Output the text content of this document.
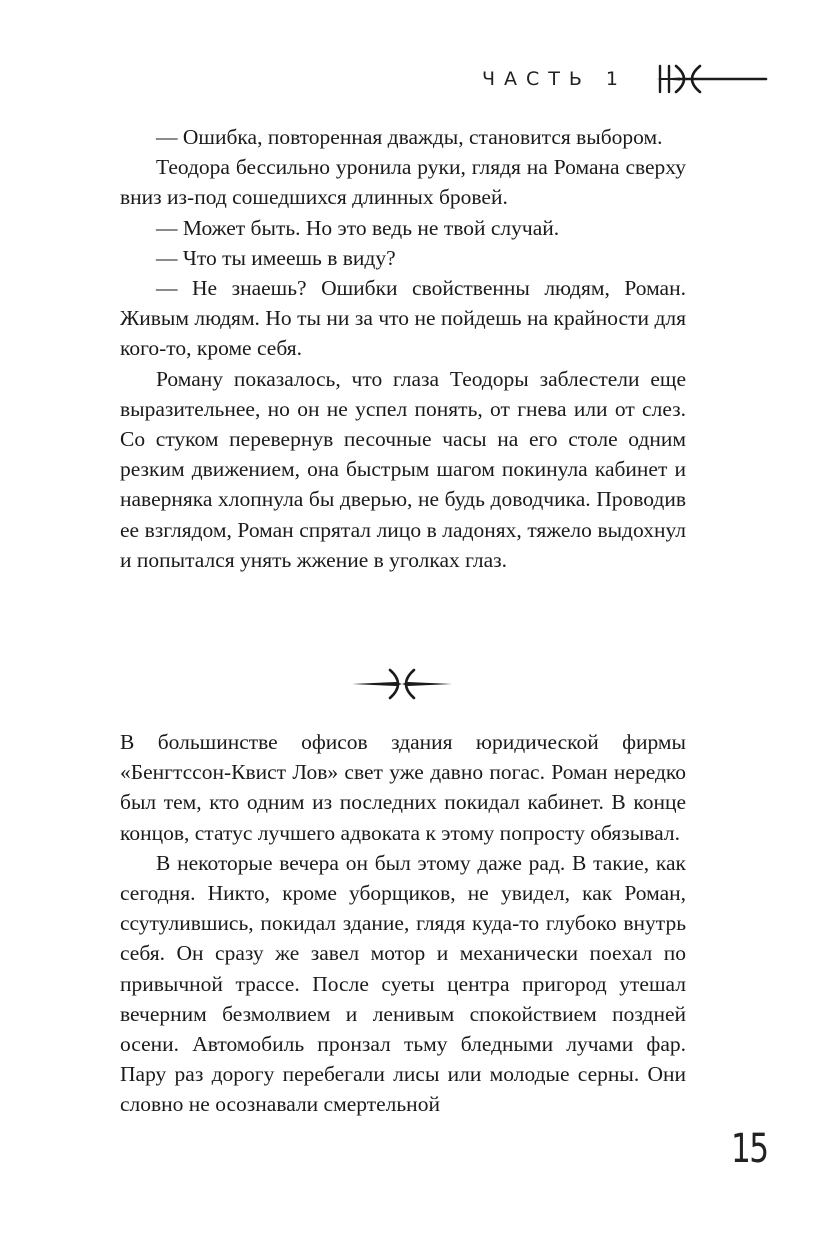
ЧАСТЬ 1

— Ошибка, повторенная дважды, становится выбором.

Теодора бессильно уронила руки, глядя на Романа сверху вниз из-под сошедшихся длинных бровей.

— Может быть. Но это ведь не твой случай.

— Что ты имеешь в виду?

— Не знаешь? Ошибки свойственны людям, Роман. Живым людям. Но ты ни за что не пойдешь на крайности для кого-то, кроме себя.

Роману показалось, что глаза Теодоры заблестели еще выразительнее, но он не успел понять, от гнева или от слез. Со стуком перевернув песочные часы на его столе одним резким движением, она быстрым шагом покинула кабинет и наверняка хлопнула бы дверью, не будь доводчика. Проводив ее взглядом, Роман спрятал лицо в ладонях, тяжело выдохнул и попытался унять жжение в уголках глаз.

В большинстве офисов здания юридической фирмы «Бенгтссон-Квист Лов» свет уже давно погас. Роман нередко был тем, кто одним из последних покидал кабинет. В конце концов, статус лучшего адвоката к этому попросту обязывал.

В некоторые вечера он был этому даже рад. В такие, как сегодня. Никто, кроме уборщиков, не увидел, как Роман, ссутулившись, покидал здание, глядя куда-то глубоко внутрь себя. Он сразу же завел мотор и механически поехал по привычной трассе. После суеты центра пригород утешал вечерним безмолвием и ленивым спокойствием поздней осени. Автомобиль пронзал тьму бледными лучами фар. Пару раз дорогу перебегали лисы или молодые серны. Они словно не осознавали смертельной

15
